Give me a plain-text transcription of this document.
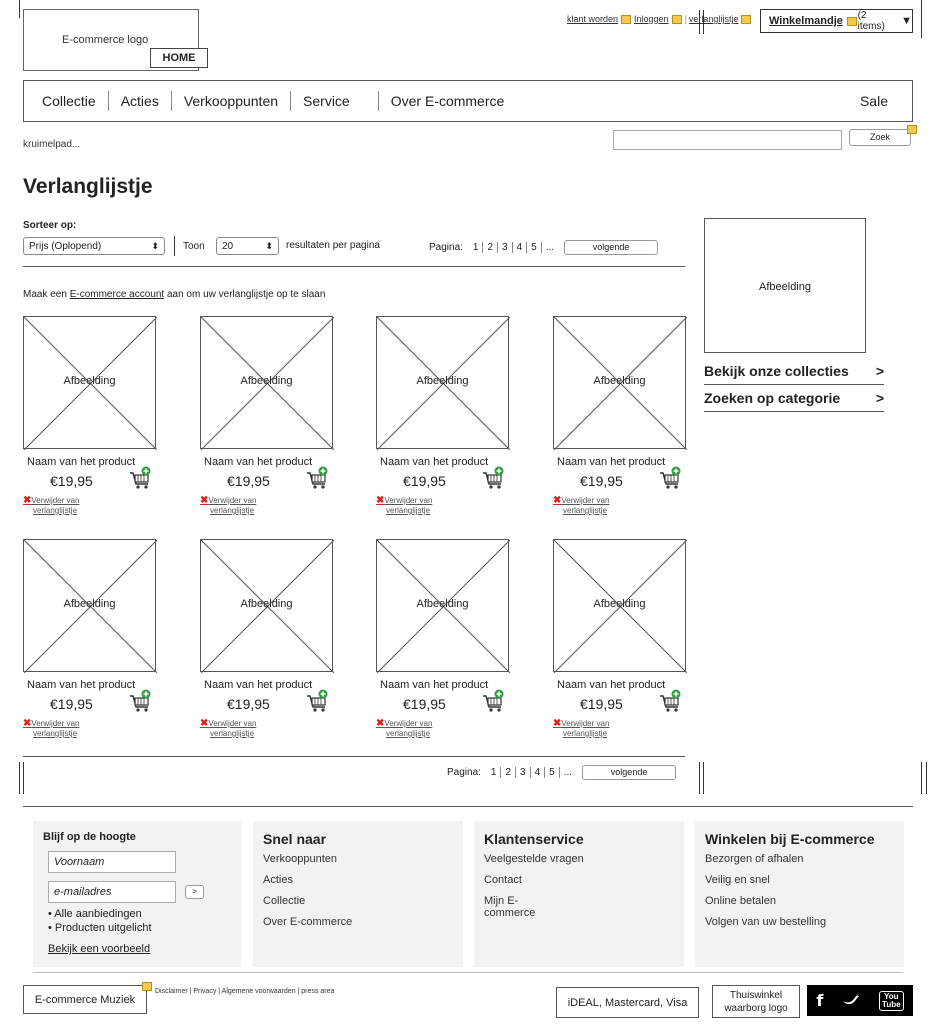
E-commerce logo
HOME
klant worden Inloggen | verlanglijstje	Winkelmandje (2 items)	▼
Collectie	Acties	Verkooppunten	Service	Over E-commerce	Sale
kruimelpad...
Zoek
Verlanglijstje
Sorteer op:
Prijs (Oplopend)	⬍ Toon 20	⬍ resultaten per pagina	Pagina:	1 2 3 4 5 ...	volgende
Maak een E-commerce account aan om uw verlanglijstje op te slaan
Afbeelding
Naam van het product
€19,95
✖Verwijder van
verlanglijstje
Afbeelding
Naam van het product
€19,95
✖Verwijder van
verlanglijstje
Afbeelding
Naam van het product
€19,95
✖Verwijder van
verlanglijstje
Afbeelding
Naam van het product
€19,95
✖Verwijder van
verlanglijstje
Afbeelding
Naam van het product
€19,95
✖Verwijder van
verlanglijstje
Afbeelding
Naam van het product
€19,95
✖Verwijder van
verlanglijstje
Afbeelding
Naam van het product
€19,95
✖Verwijder van
verlanglijstje
Afbeelding
Naam van het product
€19,95
✖Verwijder van
verlanglijstje
Pagina:	1 2 3 4 5 ...	volgende
Afbeelding
Bekijk onze collecties >
Zoeken op categorie	>
Blijf op de hoogte
Voornaam
e-mailadres	>
• Alle aanbiedingen
• Producten uitgelicht
Bekijk een voorbeeld
Snel naar
Verkooppunten
Acties
Collectie
Over E-commerce
Klantenservice
Veelgestelde vragen
Contact
Mijn E-commerce
Winkelen bij E-commerce
Bezorgen of afhalen
Veilig en snel
Online betalen
Volgen van uw bestelling
E-commerce Muziek
Disclaimer | Privacy | Algemene voorwaarden | press area
iDEAL, Mastercard, Visa
Thuiswinkel
waarborg logo	f	You
Tube
